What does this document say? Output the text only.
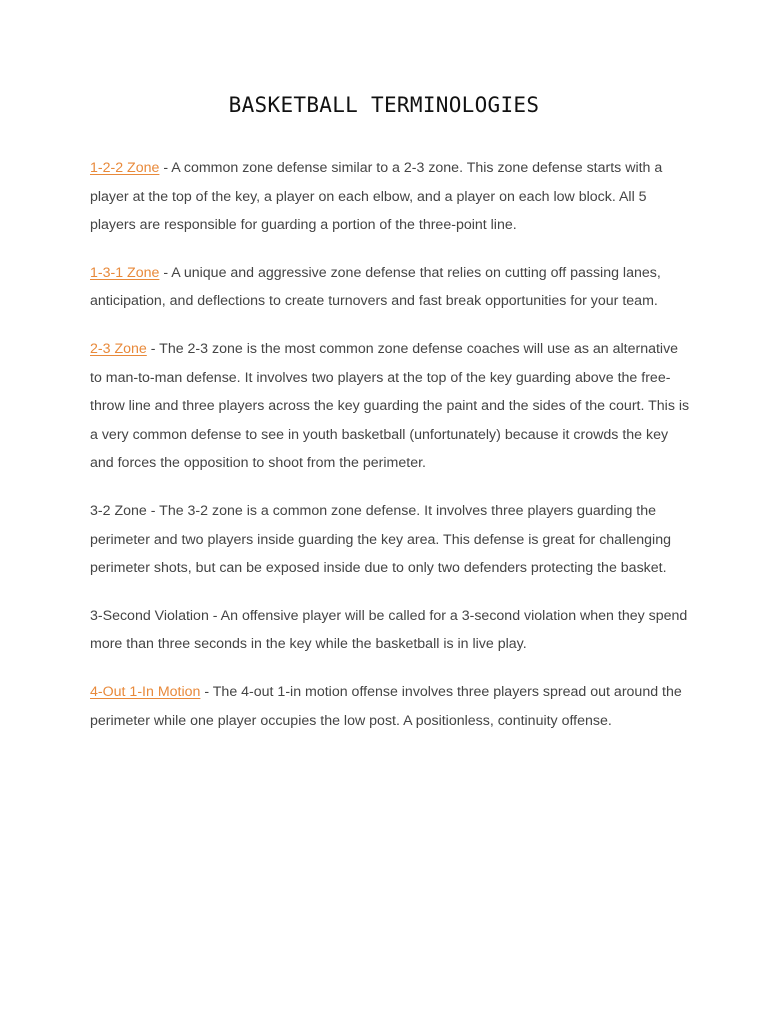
BASKETBALL TERMINOLOGIES

1-2-2 Zone - A common zone defense similar to a 2-3 zone. This zone defense starts with a player at the top of the key, a player on each elbow, and a player on each low block. All 5 players are responsible for guarding a portion of the three-point line.

1-3-1 Zone - A unique and aggressive zone defense that relies on cutting off passing lanes, anticipation, and deflections to create turnovers and fast break opportunities for your team.

2-3 Zone - The 2-3 zone is the most common zone defense coaches will use as an alternative to man-to-man defense. It involves two players at the top of the key guarding above the free-throw line and three players across the key guarding the paint and the sides of the court. This is a very common defense to see in youth basketball (unfortunately) because it crowds the key and forces the opposition to shoot from the perimeter.

3-2 Zone - The 3-2 zone is a common zone defense. It involves three players guarding the perimeter and two players inside guarding the key area. This defense is great for challenging perimeter shots, but can be exposed inside due to only two defenders protecting the basket.

3-Second Violation - An offensive player will be called for a 3-second violation when they spend more than three seconds in the key while the basketball is in live play.

4-Out 1-In Motion - The 4-out 1-in motion offense involves three players spread out around the perimeter while one player occupies the low post. A positionless, continuity offense.
